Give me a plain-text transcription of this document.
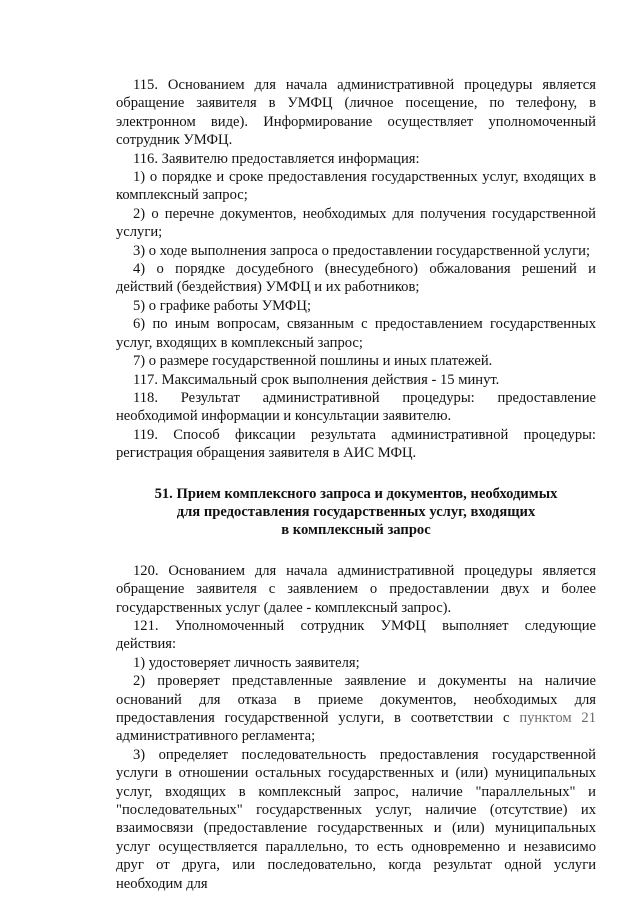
115. Основанием для начала административной процедуры является обращение заявителя в УМФЦ (личное посещение, по телефону, в электронном виде). Информирование осуществляет уполномоченный сотрудник УМФЦ.

116. Заявителю предоставляется информация:

1) о порядке и сроке предоставления государственных услуг, входящих в комплексный запрос;

2) о перечне документов, необходимых для получения государственной услуги;

3) о ходе выполнения запроса о предоставлении государственной услуги;

4) о порядке досудебного (внесудебного) обжалования решений и действий (бездействия) УМФЦ и их работников;

5) о графике работы УМФЦ;

6) по иным вопросам, связанным с предоставлением государственных услуг, входящих в комплексный запрос;

7) о размере государственной пошлины и иных платежей.

117. Максимальный срок выполнения действия - 15 минут.

118. Результат административной процедуры: предоставление необходимой информации и консультации заявителю.

119. Способ фиксации результата административной процедуры: регистрация обращения заявителя в АИС МФЦ.

51. Прием комплексного запроса и документов, необходимых
для предоставления государственных услуг, входящих
в комплексный запрос

120. Основанием для начала административной процедуры является обращение заявителя с заявлением о предоставлении двух и более государственных услуг (далее - комплексный запрос).

121. Уполномоченный сотрудник УМФЦ выполняет следующие действия:

1) удостоверяет личность заявителя;

2) проверяет представленные заявление и документы на наличие оснований для отказа в приеме документов, необходимых для предоставления государственной услуги, в соответствии с пунктом 21 административного регламента;

3) определяет последовательность предоставления государственной услуги в отношении остальных государственных и (или) муниципальных услуг, входящих в комплексный запрос, наличие "параллельных" и "последовательных" государственных услуг, наличие (отсутствие) их взаимосвязи (предоставление государственных и (или) муниципальных услуг осуществляется параллельно, то есть одновременно и независимо друг от друга, или последовательно, когда результат одной услуги необходим для
